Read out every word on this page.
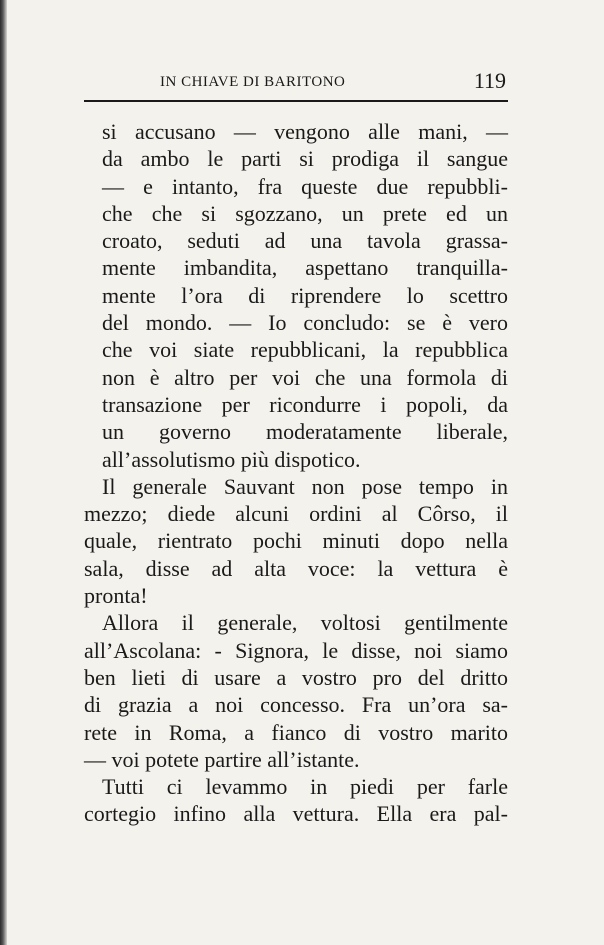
IN CHIAVE DI BARITONO	119
si accusano — vengono alle mani, —
da ambo le parti si prodiga il sangue
— e intanto, fra queste due repubbli-
che che si sgozzano, un prete ed un
croato, seduti ad una tavola grassa-
mente imbandita, aspettano tranquilla-
mente l’ora di riprendere lo scettro
del mondo. — Io concludo: se è vero
che voi siate repubblicani, la repubblica
non è altro per voi che una formola di
transazione per ricondurre i popoli, da
un governo moderatamente liberale,
all’assolutismo più dispotico.
Il generale Sauvant non pose tempo in
mezzo; diede alcuni ordini al Côrso, il
quale, rientrato pochi minuti dopo nella
sala, disse ad alta voce: la vettura è
pronta!
Allora il generale, voltosi gentilmente
all’Ascolana: - Signora, le disse, noi siamo
ben lieti di usare a vostro pro del dritto
di grazia a noi concesso. Fra un’ora sa-
rete in Roma, a fianco di vostro marito
— voi potete partire all’istante.
Tutti ci levammo in piedi per farle
cortegio infino alla vettura. Ella era pal-
